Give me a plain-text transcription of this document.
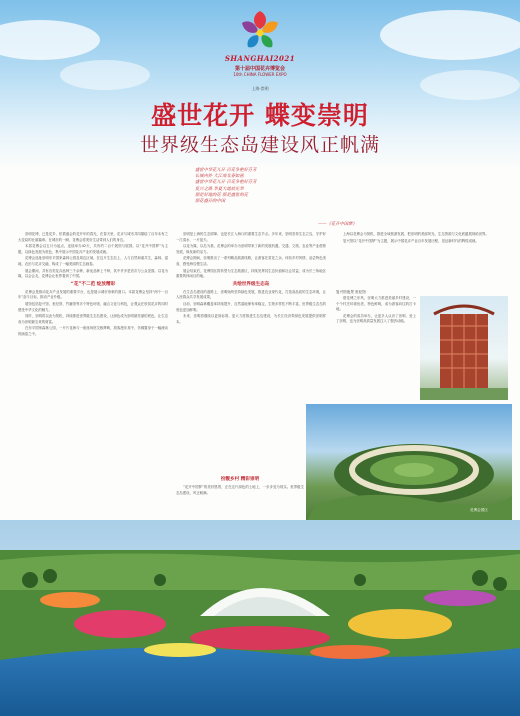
SHANGHAI2021
第十届中国花卉博览会
10th CHINA FLOWER EXPO
上海·崇明
盛世花开 蝶变崇明
世界级生态岛建设风正帆满
盛世中华花儿开 百花争艳好芬芳
长城内外 大江南北春如画
盛世中华花儿开 百花争艳好芬芳
复兴之路 华夏大地放光华
那是好地的花 那是盛世的花
那花盛开的中国
——《花开中国梦》

崇明花博，已是花乡，依着盛会的花开年的春光，在春天里，花卉与城市共同描绘了百年未有之大变局的壮丽篇章。在城市的一瞬，花博会将美好生活带到人们的身边。

本届花博会以五月为起点，连续举办42天，共有约二百个展馆与展园。以“花开中国梦”为主题，以绿色发展为底色，集中展示中国花卉产业的发展成就。

花博会选址崇明东平国家森林公园及周边区域，在这片生态岛上，人与自然和谐共生，森林、湿地、农田与花卉交融，构成了一幅美丽的生态画卷。

展会期间，共有各类花卉品种三千余种，新优品种上千种，其中许多是首次与公众见面。以花为媒，以会会友，花博会让世界看到了中国。

“花”不二范 绽放精彩

花博会是推动花卉产业发展的重要平台，也是展示城市形象的窗口。本届花博会坚持“两个一百年”奋斗目标，推动产业升级。

展馆包括复兴馆、世纪馆、竹藤馆等多个特色场馆，融合文化与科技，让观众在欣赏花卉的同时感受中华文化的魅力。

同时，崇明将以此为契机，持续推进世界级生态岛建设，让绿色成为崇明最亮丽的底色，让生态成为崇明最宝贵的财富。

在东平国家森林公园，一片片花海与一座座场馆交相辉映，游客漫步其中，仿佛置身于一幅流动的画卷之中。

崇明是上海的生态屏障，也是长江入海口的重要生态节点。多年来，崇明坚持生态立岛，守护好一江清水，一片蓝天。

以花为媒，以岛为基，花博会的举办为崇明带来了新的发展机遇。交通、文旅、农业等产业借势发展，焕发新的活力。

花博会期间，崇明推出了一系列精品旅游线路，让游客在赏花之余，体验乡村风情，品尝特色美食，感受海岛慢生活。

展会结束后，花博园区将转型为生态旅游区，持续发挥其生态价值和社会效益，成为长三角地区重要的休闲目的地。

共绘世界级生态岛

在生态岛建设的道路上，崇明始终坚持绿色发展，推进农业现代化，打造高品质的生态环境，让人民群众共享发展成果。

目前，崇明森林覆盖率持续提升，自然湿地保有率稳定，生物多样性不断丰富，世界级生态岛的底色更加鲜明。

未来，崇明将继续以更高标准、更大力度推进生态岛建设，为长江经济带绿色发展提供崇明样本。

上海以花博会为契机，推进全域旅游发展，把崇明的美丽风光、生态资源与文化底蕴展现给世界。

复兴馆以“花开中国梦”为主题，展示中国花卉产业百年发展历程，见证新时代的辉煌成就。

借花博之东风，崇明大力推进美丽乡村建设，一个个村庄环境优美、特色鲜明，成为游客向往的打卡地。

花博会的成功举办，让更多人认识了崇明、爱上了崇明，也为崇明高质量发展注入了强劲动能。

复兴馆夜景 世纪馆

扮靓乡村 精彩崇明

“花开中国梦”的美好愿景，正在这片绿色的土地上，一步步变为现实。世界级生态岛建设，风正帆满。

花博会园区
